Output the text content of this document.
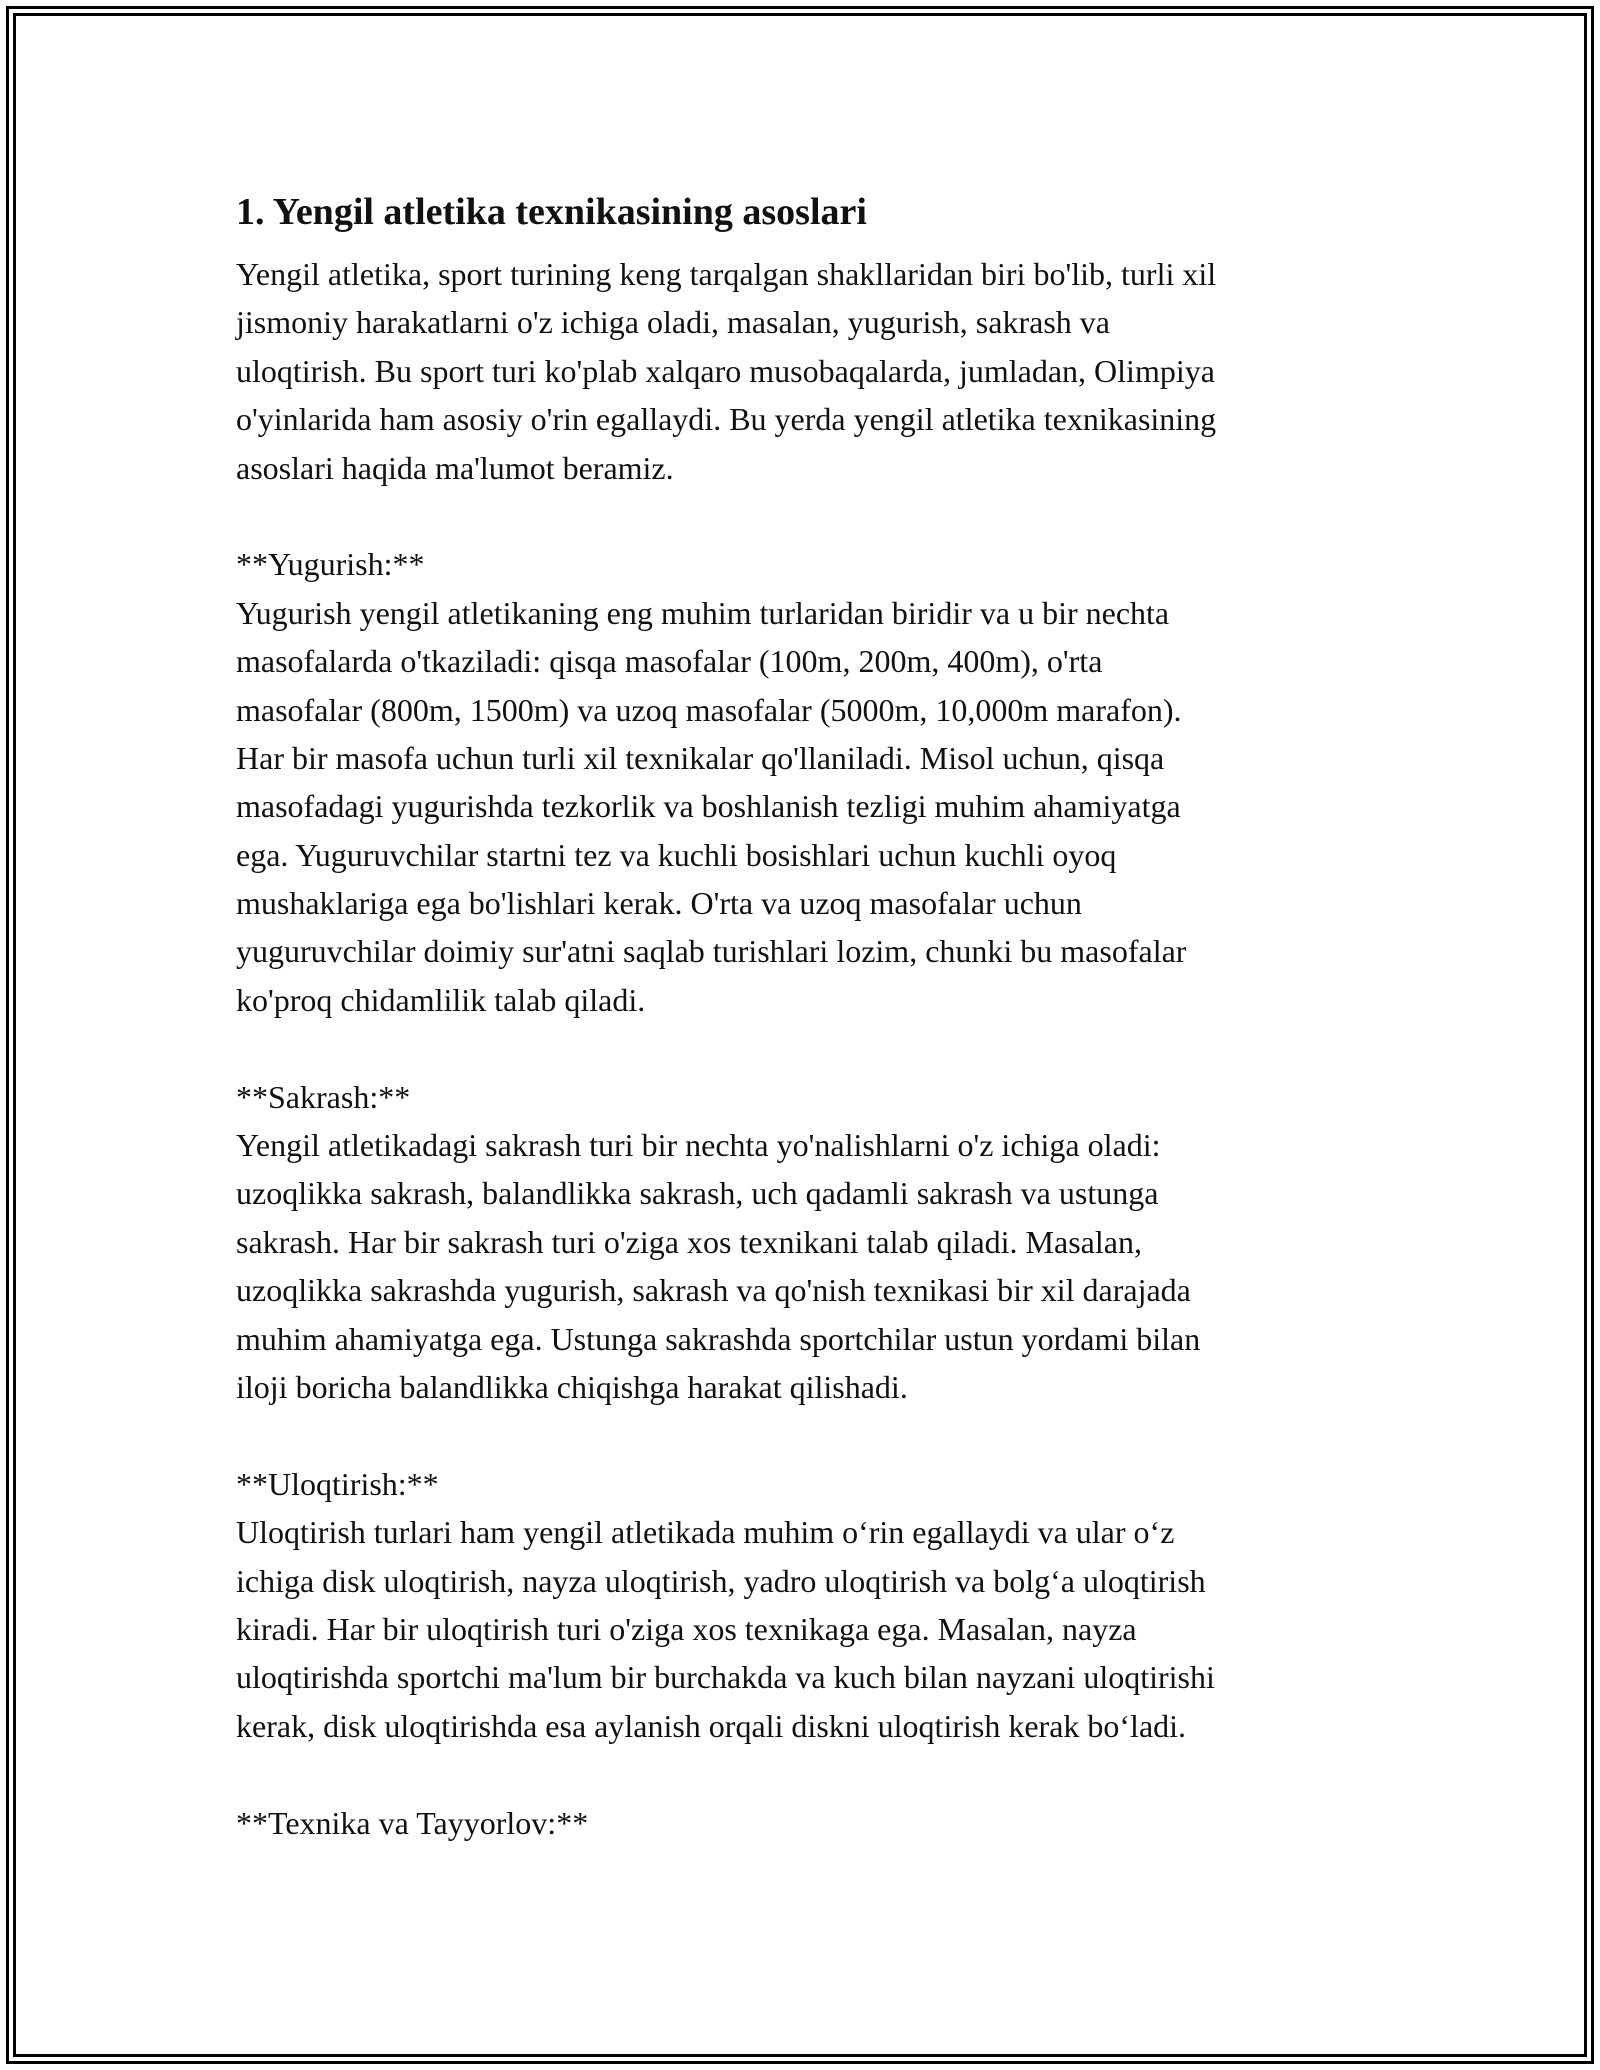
1. Yengil atletika texnikasining asoslari
Yengil atletika, sport turining keng tarqalgan shakllaridan biri bo'lib, turli xil
jismoniy harakatlarni o'z ichiga oladi, masalan, yugurish, sakrash va
uloqtirish. Bu sport turi ko'plab xalqaro musobaqalarda, jumladan, Olimpiya
o'yinlarida ham asosiy o'rin egallaydi. Bu yerda yengil atletika texnikasining
asoslari haqida ma'lumot beramiz.
**Yugurish:**
Yugurish yengil atletikaning eng muhim turlaridan biridir va u bir nechta
masofalarda o'tkaziladi: qisqa masofalar (100m, 200m, 400m), o'rta
masofalar (800m, 1500m) va uzoq masofalar (5000m, 10,000m marafon).
Har bir masofa uchun turli xil texnikalar qo'llaniladi. Misol uchun, qisqa
masofadagi yugurishda tezkorlik va boshlanish tezligi muhim ahamiyatga
ega. Yuguruvchilar startni tez va kuchli bosishlari uchun kuchli oyoq
mushaklariga ega bo'lishlari kerak. O'rta va uzoq masofalar uchun
yuguruvchilar doimiy sur'atni saqlab turishlari lozim, chunki bu masofalar
ko'proq chidamlilik talab qiladi.
**Sakrash:**
Yengil atletikadagi sakrash turi bir nechta yo'nalishlarni o'z ichiga oladi:
uzoqlikka sakrash, balandlikka sakrash, uch qadamli sakrash va ustunga
sakrash. Har bir sakrash turi o'ziga xos texnikani talab qiladi. Masalan,
uzoqlikka sakrashda yugurish, sakrash va qo'nish texnikasi bir xil darajada
muhim ahamiyatga ega. Ustunga sakrashda sportchilar ustun yordami bilan
iloji boricha balandlikka chiqishga harakat qilishadi.
**Uloqtirish:**
Uloqtirish turlari ham yengil atletikada muhim o‘rin egallaydi va ular o‘z
ichiga disk uloqtirish, nayza uloqtirish, yadro uloqtirish va bolg‘a uloqtirish
kiradi. Har bir uloqtirish turi o'ziga xos texnikaga ega. Masalan, nayza
uloqtirishda sportchi ma'lum bir burchakda va kuch bilan nayzani uloqtirishi
kerak, disk uloqtirishda esa aylanish orqali diskni uloqtirish kerak bo‘ladi.
**Texnika va Tayyorlov:**
